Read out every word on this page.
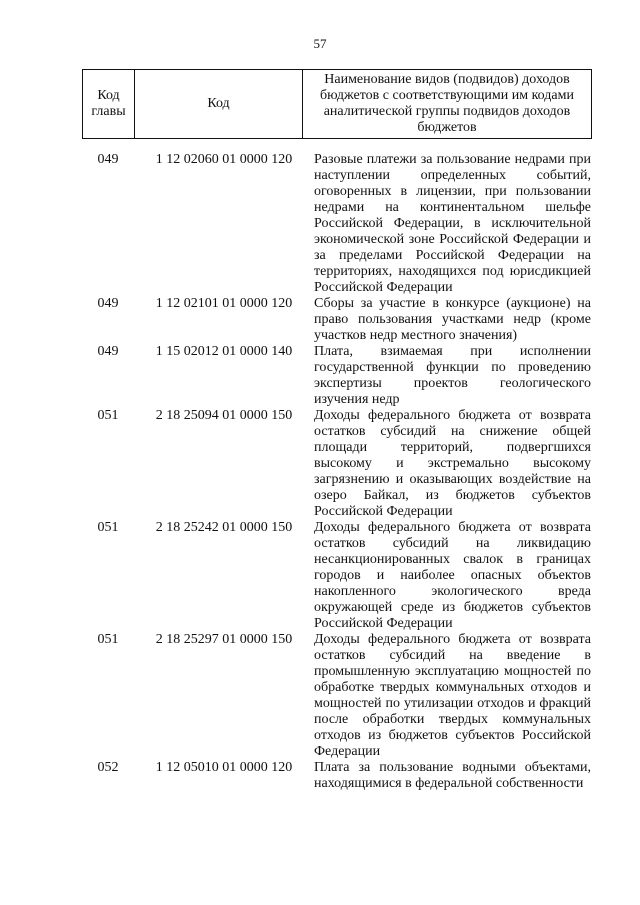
57
Код главы	Код	Наименование видов (подвидов) доходов бюджетов с соответствующими им кодами аналитической группы подвидов доходов бюджетов
049	1 12 02060 01 0000 120	Разовые платежи за пользование недрами при наступлении определенных событий, оговоренных в лицензии, при пользовании недрами на континентальном шельфе Российской Федерации, в исключительной экономической зоне Российской Федерации и за пределами Российской Федерации на территориях, находящихся под юрисдикцией Российской Федерации
049	1 12 02101 01 0000 120	Сборы за участие в конкурсе (аукционе) на право пользования участками недр (кроме участков недр местного значения)
049	1 15 02012 01 0000 140	Плата, взимаемая при исполнении государственной функции по проведению экспертизы проектов геологического изучения недр
051	2 18 25094 01 0000 150	Доходы федерального бюджета от возврата остатков субсидий на снижение общей площади территорий, подвергшихся высокому и экстремально высокому загрязнению и оказывающих воздействие на озеро Байкал, из бюджетов субъектов Российской Федерации
051	2 18 25242 01 0000 150	Доходы федерального бюджета от возврата остатков субсидий на ликвидацию несанкционированных свалок в границах городов и наиболее опасных объектов накопленного экологического вреда окружающей среде из бюджетов субъектов Российской Федерации
051	2 18 25297 01 0000 150	Доходы федерального бюджета от возврата остатков субсидий на введение в промышленную эксплуатацию мощностей по обработке твердых коммунальных отходов и мощностей по утилизации отходов и фракций после обработки твердых коммунальных отходов из бюджетов субъектов Российской Федерации
052	1 12 05010 01 0000 120	Плата за пользование водными объектами, находящимися в федеральной собственности
